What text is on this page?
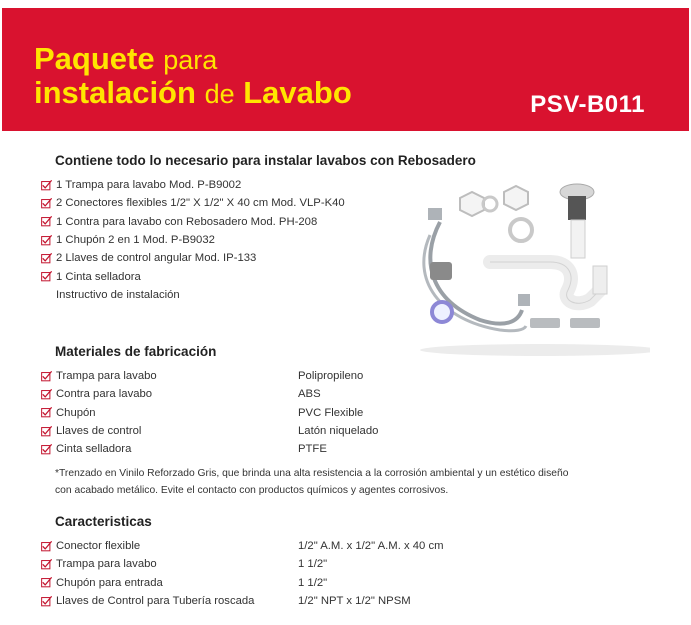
Paquete para
instalación de Lavabo	PSV-B011
Contiene todo lo necesario para instalar lavabos con Rebosadero
1 Trampa para lavabo Mod. P-B9002
2 Conectores flexibles 1/2" X 1/2" X 40 cm Mod. VLP-K40
1 Contra para lavabo con Rebosadero Mod. PH-208
1 Chupón 2 en 1 Mod. P-B9032
2 Llaves de control angular Mod. IP-133
1 Cinta selladora
Instructivo de instalación
Materiales de fabricación
Trampa para lavabo	Polipropileno
Contra para lavabo	ABS
Chupón	PVC Flexible
Llaves de control	Latón niquelado
Cinta selladora	PTFE

*Trenzado en Vinilo Reforzado Gris, que brinda una alta resistencia a la corrosión ambiental y un estético diseño con acabado metálico. Evite el contacto con productos químicos y agentes corrosivos.

Caracteristicas
Conector flexible	1/2" A.M. x 1/2" A.M. x 40 cm
Trampa para lavabo	1 1/2"
Chupón para entrada	1 1/2"
Llaves de Control para Tubería roscada	1/2" NPT x 1/2" NPSM
